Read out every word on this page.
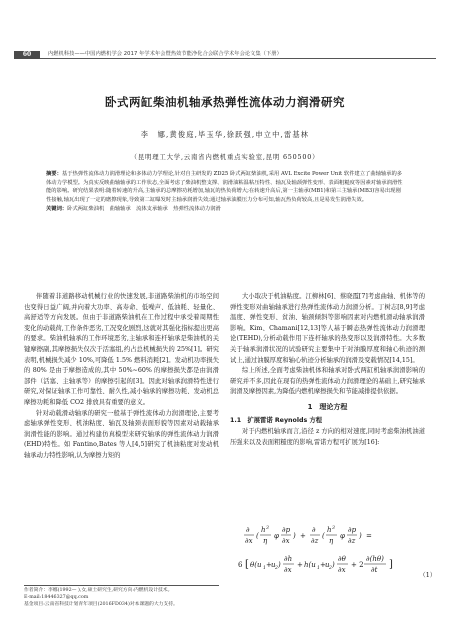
60	内燃机科技——中国内燃机学会 2017 年学术年会暨热效节能净化合会联合学术年会论文集（下册）
卧式两缸柴油机轴承热弹性流体动力润滑研究
李　娜,黄俊庭,毕玉华,徐跃强,申立中,雷基林
（昆明理工大学,云南省内燃机重点实验室,昆明 650500）
摘要：基于热弹性流体动力润滑理论和多体动力学理论,针对自主研发的 ZD25 卧式两缸柴油机,采用 AVL Excite Power Unit 软件建立了曲轴轴承的多体动力学模型。为真实反映曲轴轴承的工作状态,全面考虑了柴油机整支撑、润滑油粘温粘压特性、轴瓦及轴颈弹性变形、表面粗糙度等因素对轴承润滑性能的影响。研究结果表明:随着转速的升高,主轴承的总摩擦功耗增加,轴瓦的热负荷增大;在转速升高后,第一主轴承(MB1)和第三主轴承(MB3)容易出现刚性接触,轴瓦出现了一定的磨擦现象,导致第二缸曝发时主轴承润滑失效;通过轴承油膜压力分布可知,轴瓦热负荷较高,且是易发生润滑失效。
关键词：卧式两缸柴油机　曲轴轴承　流体支承轴承　热弹性流体动力润滑

伴随着非道路移动机械行业的快速发展,非道路柴油机的市场空间也变得日益广阔,并向着大功率、高寿命、低噪声、低油耗、轻量化、高舒适等方向发展。但由于非道路柴油机在工作过程中承受着周期性变化的动载荷,工作条件恶劣,工况变化剧烈,这就对其强化指标提出更高的要求。柴油机轴承的工作环境恶劣,主轴承和连杆轴承是柴油机的关键摩擦副,其摩擦损失仅次于活塞组,约占总机械损失的 25%[1]。研究表明,机械损失减少 10%,可降低 1.5% 燃料消耗[2]。发动机功率损失的 80% 是由于摩擦造成的,其中 50%~60% 的摩擦损失都是由润滑部件（活塞、主轴承等）的摩擦引起的[3]。因此对轴承润滑特性进行研究,对保证轴承工作可靠性、耐久性,减小轴承的摩擦功耗、发动机总摩擦功耗和降低 CO2 排放具有重要的意义。

针对动载滑动轴承的研究一般基于弹性流体动力润滑理论,主要考虑轴承弹性变形、机油粘度、轴瓦及轴颈表面形貌等因素对动载轴承润滑性能的影响。通过构建仿真模型来研究轴承的弹性流体动力润滑(EHD)特性。如 Fantino,Bates 等人[4,5]研究了机油粘度对发动机轴承动力特性影响,认为摩擦力矩的

大小取决于机油粘度。江柳林[6]、蔡晓霞[7]考虑曲轴、机体等的弹性变形对曲轴轴承进行热弹性流体动力润滑分析。丁树志[8,9]考虑温度、弹性变形、贫油、轴颈倾斜等影响因素对内燃机滑动轴承润滑影响。Kim、Chamani[12,13]等人基于瞬态热弹性流体动力润滑理论(TEHD),分析动载作用下连杆轴承的热变形以及润滑特性。大多数关于轴承润滑状况的试验研究主要集中于对油膜厚度和轴心轨迹的测试上,通过油膜厚度和轴心轨迹分析轴承的润滑及变载情况[14,15]。

综上所述,全面考虑柴油机体和轴承对卧式两缸机轴承润滑影响的研究并不多,因此在现有的热弹性流体动力润滑理论的基础上,研究轴承润滑及摩擦因素,为降低内燃机摩擦损失和节能减排提供依据。

1　理论方程

1.1　扩展雷诺 Reynolds 方程

对于内燃机轴承而言,沿径 z 方向的相对速度,同时考虑柴油机油道压强来以及表面粗糙度的影响,雷诺方程可扩展为[16]:

∂
∂x
(
h 3
η
φ
∂p
∂x
) +
∂
∂z
(
h 3
η
φ
∂p
∂z
) =
6 [ θ(u 1 + u 2 )
∂h
∂x
+ h(u 1 + u 2 )
∂θ
∂x
+ 2
∂(hθ)
∂t ]
（1）

作者简介：李娜(1992— ),女,硕士研究生,研究方向:内燃机设计技术。

E-mail:18446327@qq.com

基金项目:云南省科技计划青年项目(2016FD034)对本课题的大力支持。
